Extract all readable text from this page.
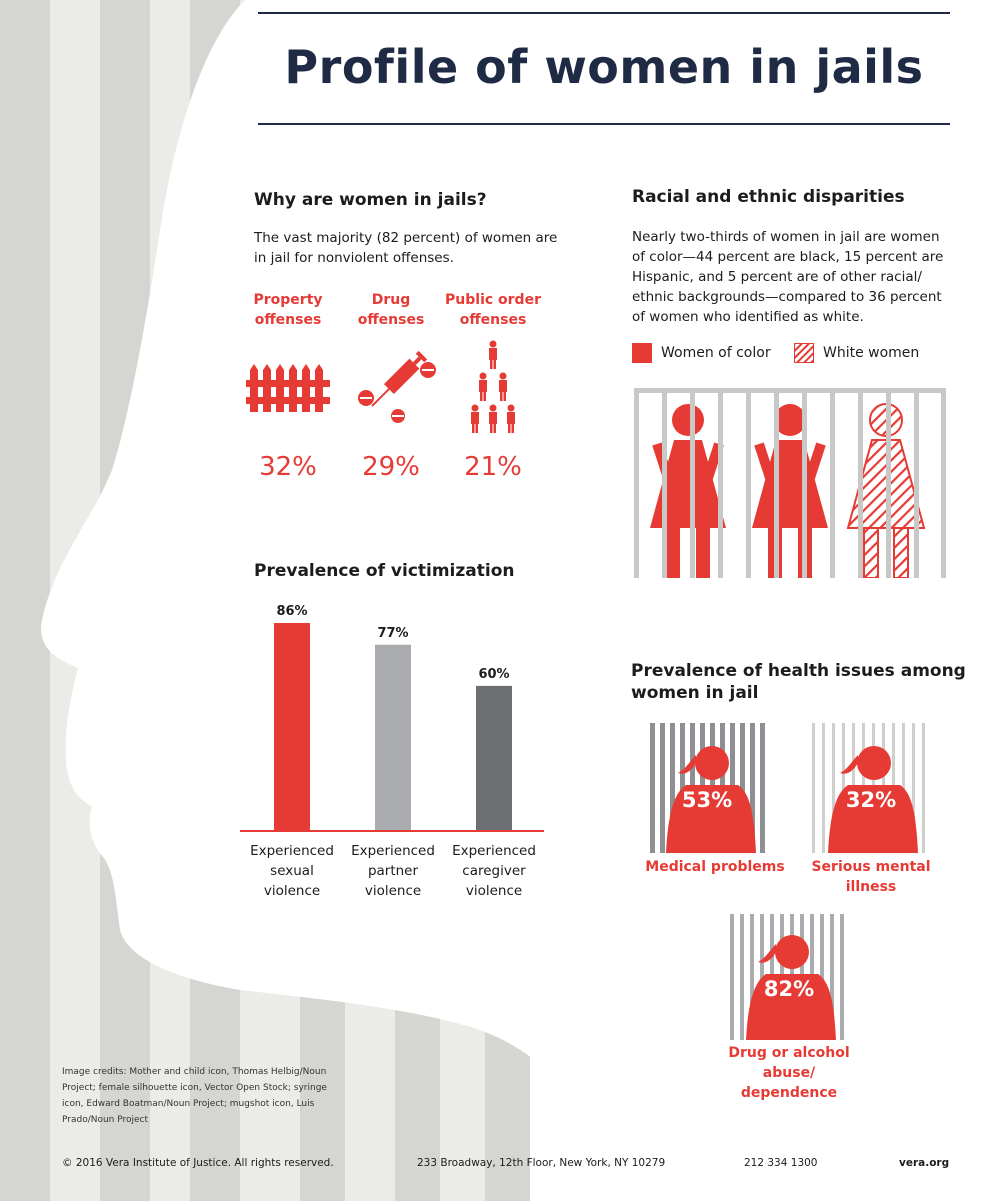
Profile of women in jails
Why are women in jails?
The vast majority (82 percent) of women are
in jail for nonviolent offenses.
Property
offenses
Drug
offenses
Public order
offenses
32%	29%	21%
Racial and ethnic disparities
Nearly two-thirds of women in jail are women
of color—44 percent are black, 15 percent are
Hispanic, and 5 percent are of other racial/
ethnic backgrounds—compared to 36 percent
of women who identified as white.
Women of color	White women
Prevalence of victimization
86%
Experienced
sexual
violence
77%
Experienced
partner
violence
60%
Experienced
caregiver
violence
Prevalence of health issues among
women in jail
53%
Medical problems
32%
Serious mental
illness
82%
Drug or alcohol
abuse/
dependence
Image credits: Mother and child icon, Thomas Helbig/Noun
Project; female silhouette icon, Vector Open Stock; syringe
icon, Edward Boatman/Noun Project; mugshot icon, Luis
Prado/Noun Project
© 2016 Vera Institute of Justice. All rights reserved.	233 Broadway, 12th Floor, New York, NY 10279	212 334 1300	vera.org
